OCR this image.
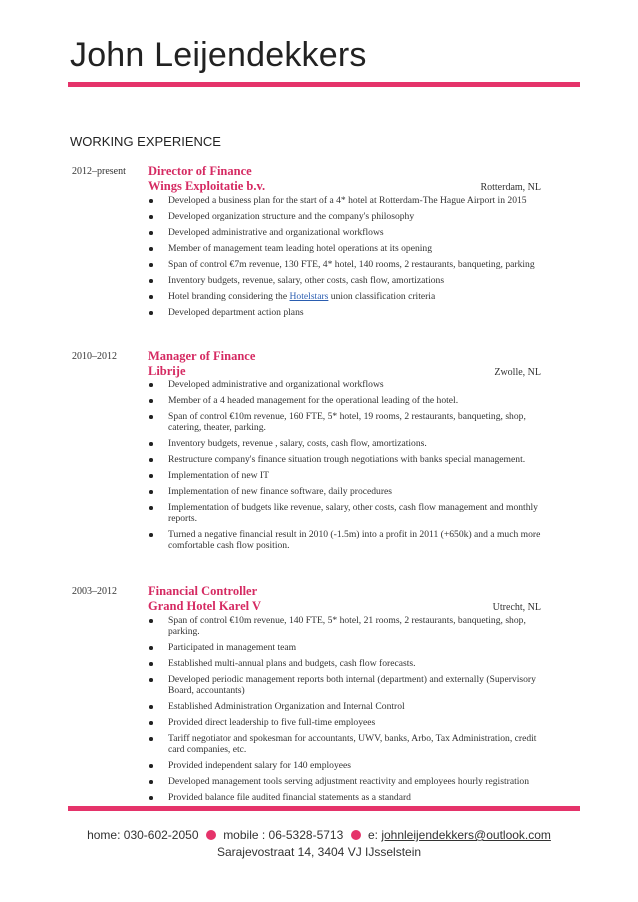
John Leijendekkers
WORKING EXPERIENCE
2012–present Director of Finance
Wings Exploitatie b.v.	Rotterdam, NL
Developed a business plan for the start of a 4* hotel at Rotterdam-The Hague Airport in 2015
Developed organization structure and the company's philosophy
Developed administrative and organizational workflows
Member of management team leading hotel operations at its opening
Span of control €7m revenue, 130 FTE, 4* hotel, 140 rooms, 2 restaurants, banqueting, parking
Inventory budgets, revenue, salary, other costs, cash flow, amortizations
Hotel branding considering the Hotelstars union classification criteria
Developed department action plans
2010–2012 Manager of Finance
Librije	Zwolle, NL
Developed administrative and organizational workflows
Member of a 4 headed management for the operational leading of the hotel.
Span of control €10m revenue, 160 FTE, 5* hotel, 19 rooms, 2 restaurants, banqueting, shop, catering, theater, parking.
Inventory budgets, revenue , salary, costs, cash flow, amortizations.
Restructure company's finance situation trough negotiations with banks special management.
Implementation of new IT
Implementation of new finance software, daily procedures
Implementation of budgets like revenue, salary, other costs, cash flow management and monthly reports.
Turned a negative financial result in 2010 (-1.5m) into a profit in 2011 (+650k) and a much more comfortable cash flow position.
2003–2012 Financial Controller
Grand Hotel Karel V	Utrecht, NL
Span of control €10m revenue, 140 FTE, 5* hotel, 21 rooms, 2 restaurants, banqueting, shop, parking.
Participated in management team
Established multi-annual plans and budgets, cash flow forecasts.
Developed periodic management reports both internal (department) and externally (Supervisory Board, accountants)
Established Administration Organization and Internal Control
Provided direct leadership to five full-time employees
Tariff negotiator and spokesman for accountants, UWV, banks, Arbo, Tax Administration, credit card companies, etc.
Provided independent salary for 140 employees
Developed management tools serving adjustment reactivity and employees hourly registration
Provided balance file audited financial statements as a standard
home: 030-602-2050 mobile : 06-5328-5713 e: johnleijendekkers@outlook.com
Sarajevostraat 14, 3404 VJ IJsselstein
